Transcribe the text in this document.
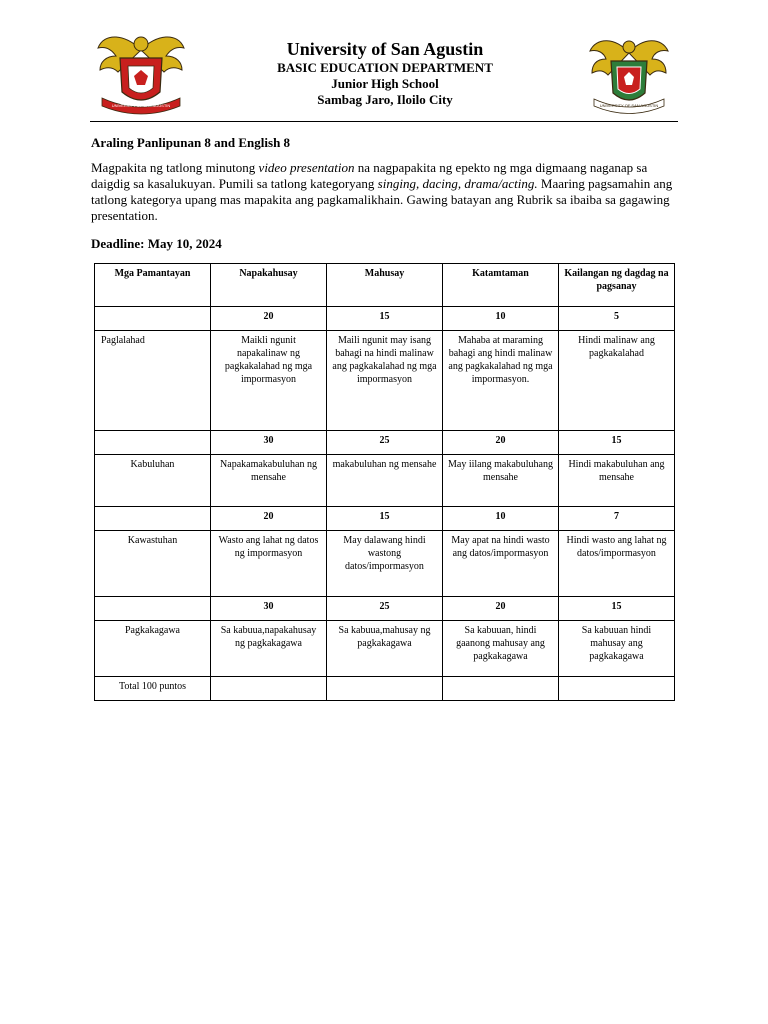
UNIVERSITY OF SAN AGUSTIN
University of San Agustin
BASIC EDUCATION DEPARTMENT
Junior High School
Sambag Jaro, Iloilo City	UNIVERSITY OF SAN AGUSTIN
Araling Panlipunan 8 and English 8
Magpakita ng tatlong minutong video presentation na nagpapakita ng epekto ng mga digmaang naganap sa daigdig sa kasalukuyan. Pumili sa tatlong kategoryang singing, dacing, drama/acting. Maaring pagsamahin ang tatlong kategorya upang mas mapakita ang pagkamalikhain. Gawing batayan ang Rubrik sa ibaiba sa gagawing presentation.
Deadline: May 10, 2024
Mga Pamantayan	Napakahusay	Mahusay	Katamtaman	Kailangan ng dagdag na pagsanay
	20	15	10	5
Paglalahad	Maikli ngunit napakalinaw ng pagkakalahad ng mga impormasyon	Maili ngunit may isang bahagi na hindi malinaw ang pagkakalahad ng mga impormasyon	Mahaba at maraming bahagi ang hindi malinaw ang pagkakalahad ng mga impormasyon.	Hindi malinaw ang pagkakalahad
	30	25	20	15
Kabuluhan	Napakamakabuluhan ng mensahe	makabuluhan ng mensahe	May iilang makabuluhang mensahe	Hindi makabuluhan ang mensahe
	20	15	10	7
Kawastuhan	Wasto ang lahat ng datos ng impormasyon	May dalawang hindi wastong datos/impormasyon	May apat na hindi wasto ang datos/impormasyon	Hindi wasto ang lahat ng datos/impormasyon
	30	25	20	15
Pagkakagawa	Sa kabuua,napakahusay ng pagkakagawa	Sa kabuua,mahusay ng pagkakagawa	Sa kabuuan, hindi gaanong mahusay ang pagkakagawa	Sa kabuuan hindi mahusay ang pagkakagawa
Total 100 puntos				
